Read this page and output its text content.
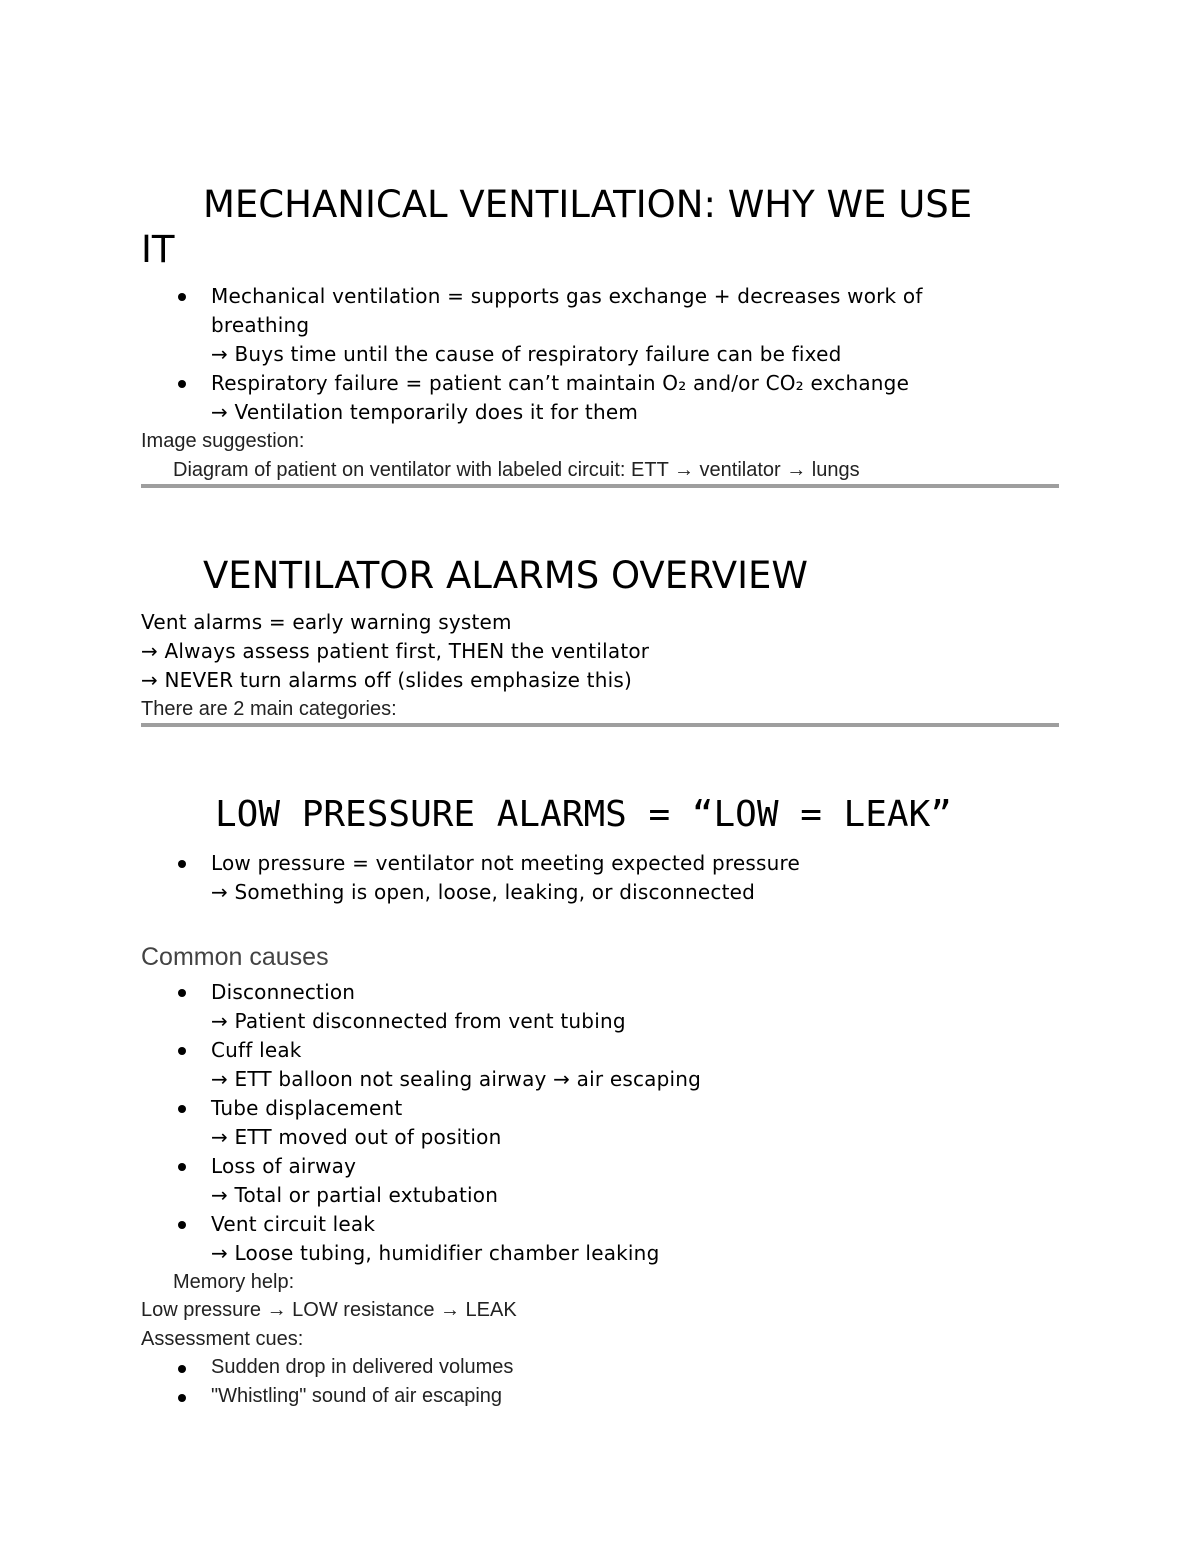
MECHANICAL VENTILATION: WHY WE USE
IT
Mechanical ventilation = supports gas exchange + decreases work of
breathing
→ Buys time until the cause of respiratory failure can be fixed
Respiratory failure = patient can’t maintain O₂ and/or CO₂ exchange
→ Ventilation temporarily does it for them
Image suggestion:
Diagram of patient on ventilator with labeled circuit: ETT → ventilator → lungs
VENTILATOR ALARMS OVERVIEW
Vent alarms = early warning system
→ Always assess patient first, THEN the ventilator
→ NEVER turn alarms off (slides emphasize this)
There are 2 main categories:
LOW PRESSURE ALARMS = “LOW = LEAK”
Low pressure = ventilator not meeting expected pressure
→ Something is open, loose, leaking, or disconnected
Common causes
Disconnection
→ Patient disconnected from vent tubing
Cuff leak
→ ETT balloon not sealing airway → air escaping
Tube displacement
→ ETT moved out of position
Loss of airway
→ Total or partial extubation
Vent circuit leak
→ Loose tubing, humidifier chamber leaking
Memory help:
Low pressure → LOW resistance → LEAK
Assessment cues:
Sudden drop in delivered volumes
"Whistling" sound of air escaping
